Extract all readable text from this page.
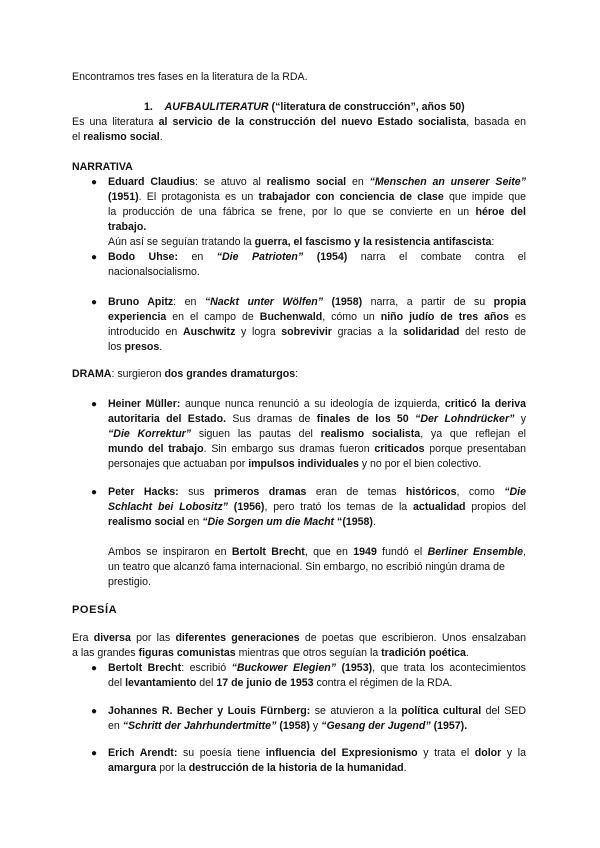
Encontramos tres fases en la literatura de la RDA.
1. AUFBAULITERATUR (“literatura de construcción”, años 50)
Es una literatura al servicio de la construcción del nuevo Estado socialista, basada en
el realismo social.
NARRATIVA
● Eduard Claudius: se atuvo al realismo social en “Menschen an unserer Seite”
(1951). El protagonista es un trabajador con conciencia de clase que impide que
la producción de una fábrica se frene, por lo que se convierte en un héroe del
trabajo.
Aún así se seguían tratando la guerra, el fascismo y la resistencia antifascista:
● Bodo Uhse: en “Die Patrioten” (1954) narra el combate contra el
nacionalsocialismo.
● Bruno Apitz: en “Nackt unter Wölfen” (1958) narra, a partir de su propia
experiencia en el campo de Buchenwald, cómo un niño judío de tres años es
introducido en Auschwitz y logra sobrevivir gracias a la solidaridad del resto de
los presos.
DRAMA: surgieron dos grandes dramaturgos:
● Heiner Müller: aunque nunca renunció a su ideología de izquierda, criticó la deriva
autoritaria del Estado. Sus dramas de finales de los 50 “Der Lohndrücker” y
“Die Korrektur” siguen las pautas del realismo socialista, ya que reflejan el
mundo del trabajo. Sin embargo sus dramas fueron criticados porque presentaban
personajes que actuaban por impulsos individuales y no por el bien colectivo.
● Peter Hacks: sus primeros dramas eran de temas históricos, como “Die
Schlacht bei Lobositz” (1956), pero trató los temas de la actualidad propios del
realismo social en “Die Sorgen um die Macht “(1958).
Ambos se inspiraron en Bertolt Brecht, que en 1949 fundó el Berliner Ensemble,
un teatro que alcanzó fama internacional. Sin embargo, no escribió ningún drama de
prestigio.
POESÍA
Era diversa por las diferentes generaciones de poetas que escribieron. Unos ensalzaban
a las grandes figuras comunistas mientras que otros seguían la tradición poética.
● Bertolt Brecht: escribió “Buckower Elegien” (1953), que trata los acontecimientos
del levantamiento del 17 de junio de 1953 contra el régimen de la RDA.
● Johannes R. Becher y Louis Fürnberg: se atuvieron a la política cultural del SED
en “Schritt der Jahrhundertmitte” (1958) y “Gesang der Jugend” (1957).
● Erich Arendt: su poesía tiene influencia del Expresionismo y trata el dolor y la
amargura por la destrucción de la historia de la humanidad.
